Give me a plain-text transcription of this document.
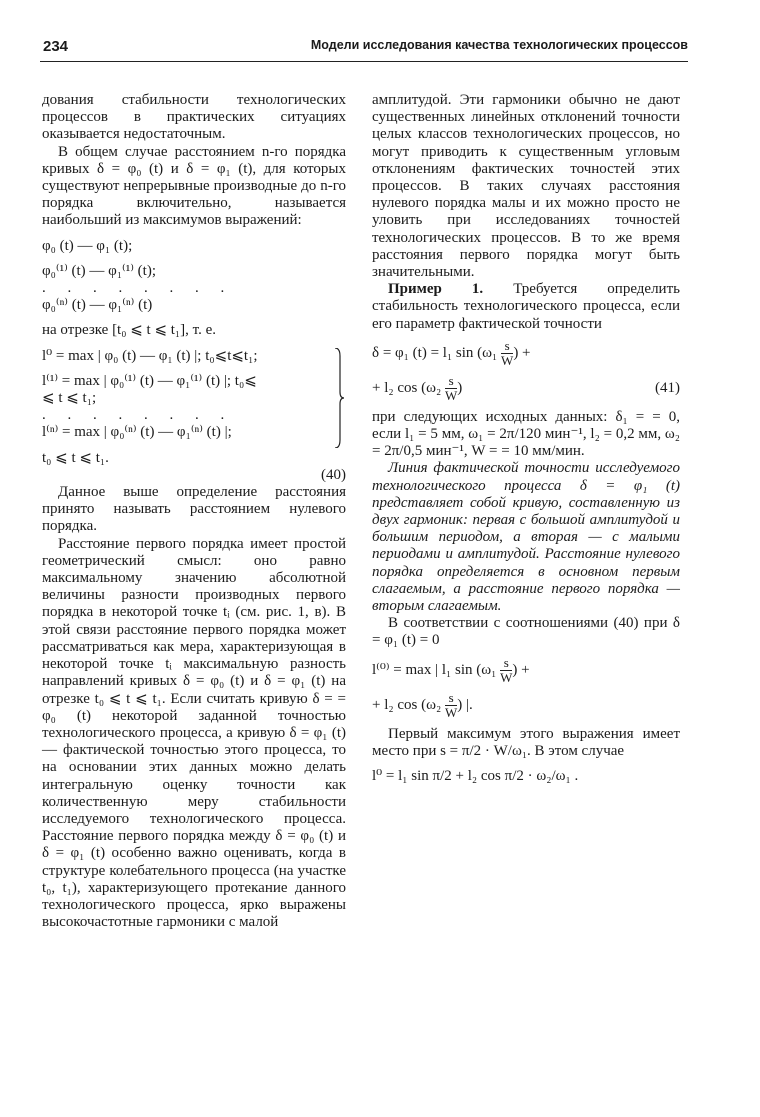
234	Модели исследования качества технологических процессов

дования стабильности технологических процессов в практических ситуациях оказывается недостаточным.

В общем случае расстоянием n-го порядка кривых δ = φ₀ (t) и δ = φ₁ (t), для которых существуют непрерывные производные до n-го порядка включительно, называется наибольший из максимумов выражений:

φ₀ (t) — φ₁ (t);

φ₀⁽¹⁾ (t) — φ₁⁽¹⁾ (t);

. . . . . . . .

φ₀⁽ⁿ⁾ (t) — φ₁⁽ⁿ⁾ (t)

на отрезке [t₀ ⩽ t ⩽ t₁], т. е.

l⁰ = max | φ₀ (t) — φ₁ (t) |; t₀⩽t⩽t₁;

l⁽¹⁾ = max | φ₀⁽¹⁾ (t) — φ₁⁽¹⁾ (t) |; t₀⩽

⩽ t ⩽ t₁;

. . . . . . . .

l⁽ⁿ⁾ = max | φ₀⁽ⁿ⁾ (t) — φ₁⁽ⁿ⁾ (t) |;

t₀ ⩽ t ⩽ t₁.

(40)

Данное выше определение расстояния принято называть расстоянием нулевого порядка.

Расстояние первого порядка имеет простой геометрический смысл: оно равно максимальному значению абсолютной величины разности производных первого порядка в некоторой точке tᵢ (см. рис. 1, в). В этой связи расстояние первого порядка может рассматриваться как мера, характеризующая в некоторой точке tᵢ максимальную разность направлений кривых δ = φ₀ (t) и δ = φ₁ (t) на отрезке t₀ ⩽ t ⩽ t₁. Если считать кривую δ = = φ₀ (t) некоторой заданной точностью технологического процесса, а кривую δ = φ₁ (t) — фактической точностью этого процесса, то на основании этих данных можно делать интегральную оценку точности как количественную меру стабильности исследуемого технологического процесса. Расстояние первого порядка между δ = φ₀ (t) и δ = φ₁ (t) особенно важно оценивать, когда в структуре колебательного процесса (на участке t₀, t₁), характеризующего протекание данного технологического процесса, ярко выражены высокочастотные гармоники с малой

амплитудой. Эти гармоники обычно не дают существенных линейных отклонений точности целых классов технологических процессов, но могут приводить к существенным угловым отклонениям фактических точностей этих процессов. В таких случаях расстояния нулевого порядка малы и их можно просто не уловить при исследованиях точностей технологических процессов. В то же время расстояния первого порядка могут быть значительными.

Пример 1. Требуется определить стабильность технологического процесса, если его параметр фактической точности

δ = φ₁ (t) = l₁ $\sin (\omega_1 \frac{s}{W}$ ) +
+ l₂ $\cos (\omega_2 \frac{s}{W}$ )	(41)

при следующих исходных данных: δ₁ = = 0, если l₁ = 5 мм, ω₁ = 2π/120 мин⁻¹, l₂ = 0,2 мм, ω₂ = 2π/0,5 мин⁻¹, W = = 10 мм/мин.

Линия фактической точности исследуемого технологического процесса δ = φ₁ (t) представляет собой кривую, составленную из двух гармоник: первая с большой амплитудой и большим периодом, а вторая — с малыми периодами и амплитудой. Расстояние нулевого порядка определяется в основном первым слагаемым, а расстояние первого порядка — вторым слагаемым.

В соответствии с соотношениями (40) при δ = φ₁ (t) = 0

l⁽⁰⁾ = max | l₁ $\sin (\omega_1 \frac{s}{W}$ ) +
+ l₂ $\cos (\omega_2 \frac{s}{W}$ ) |.

Первый максимум этого выражения имеет место при s = π/2 · W/ω₁. В этом случае

l⁰ = l₁ sin π/2 + l₂ cos π/2 · ω₂/ω₁ .
